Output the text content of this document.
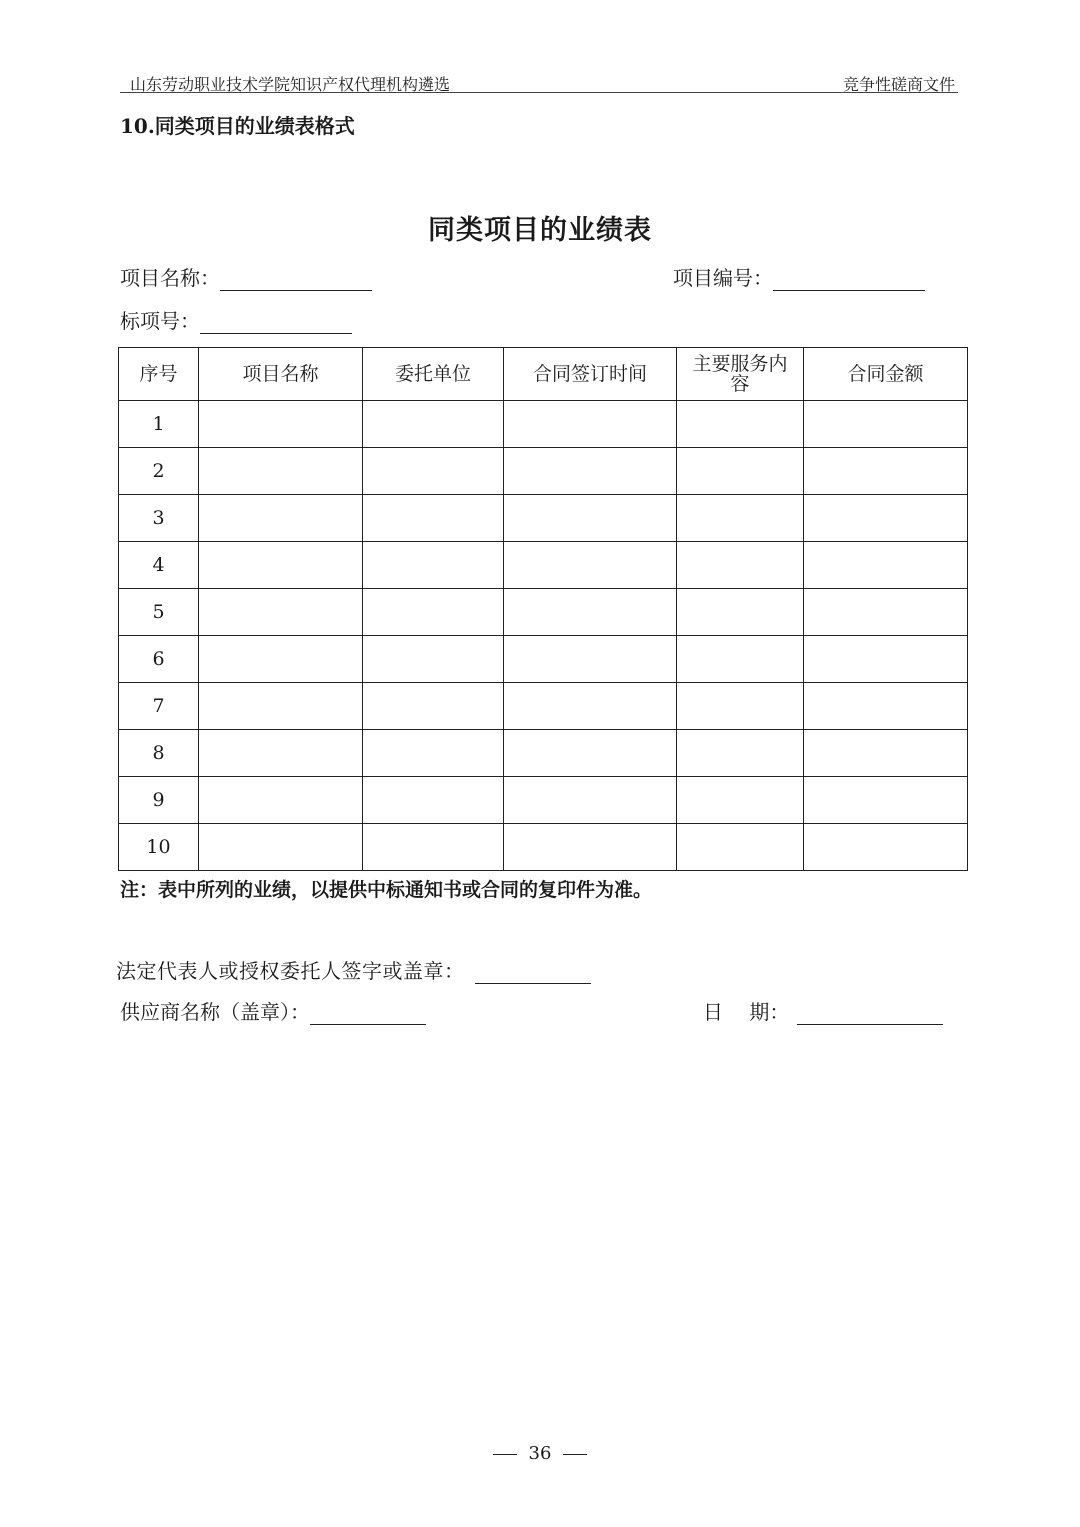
山东劳动职业技术学院知识产权代理机构遴选	竞争性磋商文件
10.同类项目的业绩表格式
同类项目的业绩表
项目名称：	项目编号：
标项号：
序号	项目名称	委托单位	合同签订时间	主要服务内容	合同金额
1					
2					
3					
4					
5					
6					
7					
8					
9					
10					
注：表中所列的业绩，以提供中标通知书或合同的复印件为准。
法定代表人或授权委托人签字或盖章：
供应商名称（盖章）：	日　 期：
36
